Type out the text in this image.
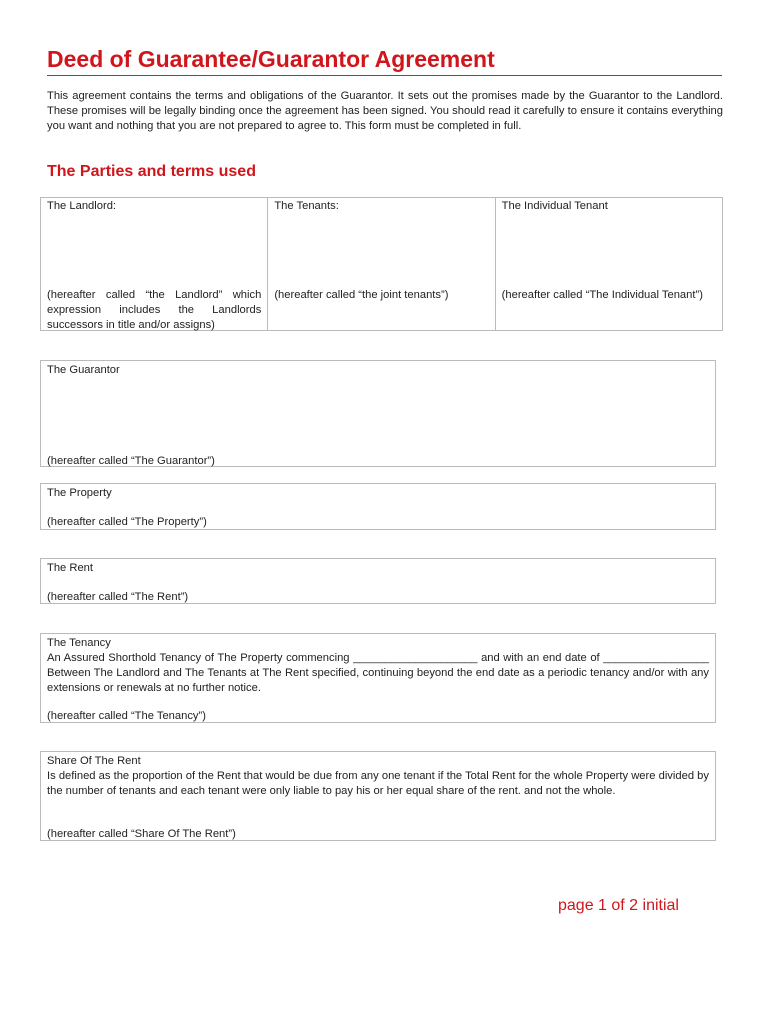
Deed of Guarantee/Guarantor Agreement
This agreement contains the terms and obligations of the Guarantor. It sets out the promises made by the Guarantor to the Landlord. These promises will be legally binding once the agreement has been signed. You should read it carefully to ensure it contains everything you want and nothing that you are not prepared to agree to. This form must be completed in full.
The Parties and terms used
The Landlord:
(hereafter called “the Landlord” which expression includes the Landlords successors in title and/or assigns)
The Tenants:
(hereafter called “the joint tenants”)
The Individual Tenant
(hereafter called “The Individual Tenant”)
The Guarantor
(hereafter called “The Guarantor”)
The Property
(hereafter called “The Property”)
The Rent
(hereafter called “The Rent”)
The Tenancy
An Assured Shorthold Tenancy of The Property commencing ____________________ and with an end date of _________________ Between The Landlord and The Tenants at The Rent specified, continuing beyond the end date as a periodic tenancy and/or with any extensions or renewals at no further notice.
(hereafter called “The Tenancy”)
Share Of The Rent
Is defined as the proportion of the Rent that would be due from any one tenant if the Total Rent for the whole Property were divided by the number of tenants and each tenant were only liable to pay his or her equal share of the rent. and not the whole.
(hereafter called “Share Of The Rent”)
page 1 of 2 initial
